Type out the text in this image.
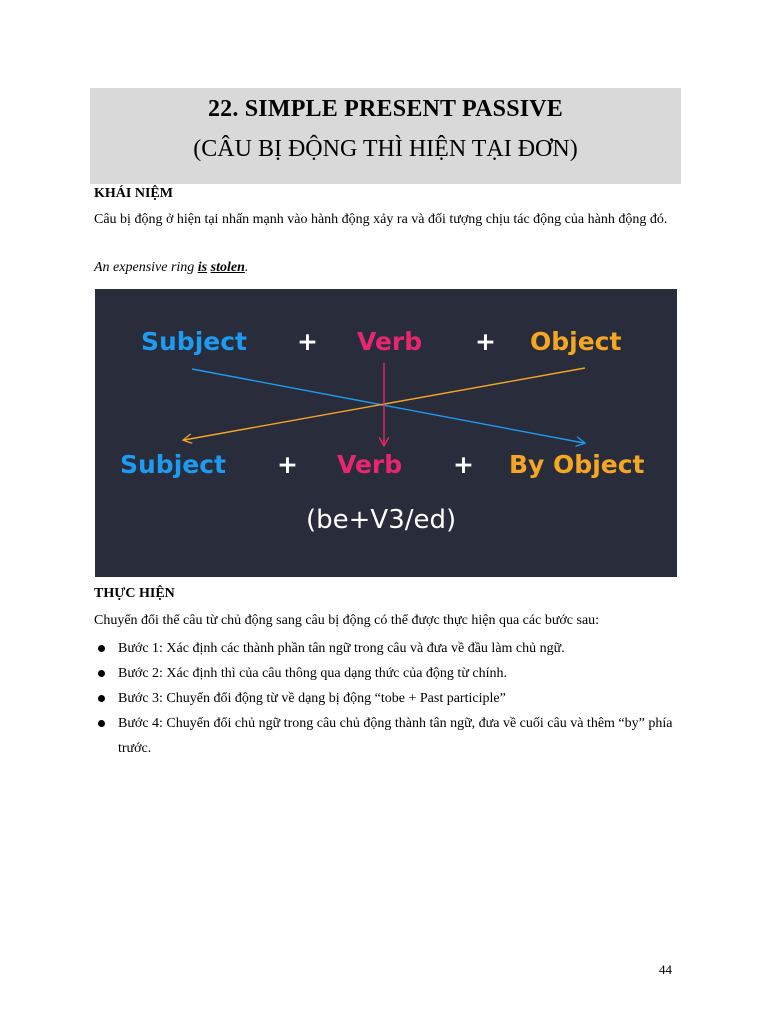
22. SIMPLE PRESENT PASSIVE
(CÂU BỊ ĐỘNG THÌ HIỆN TẠI ĐƠN)
KHÁI NIỆM
Câu bị động ở hiện tại nhấn mạnh vào hành động xảy ra và đối tượng chịu tác động của hành động đó.
An expensive ring is stolen.
Subject + Verb + Object
Subject + Verb + By Object
(be+V3/ed)
THỰC HIỆN
Chuyển đổi thể câu từ chủ động sang câu bị động có thể được thực hiện qua các bước sau:
Bước 1: Xác định các thành phần tân ngữ trong câu và đưa về đầu làm chủ ngữ.
Bước 2: Xác định thì của câu thông qua dạng thức của động từ chính.
Bước 3: Chuyển đổi động từ về dạng bị động “tobe + Past participle”
Bước 4: Chuyển đổi chủ ngữ trong câu chủ động thành tân ngữ, đưa về cuối câu và thêm “by” phía trước.
44
